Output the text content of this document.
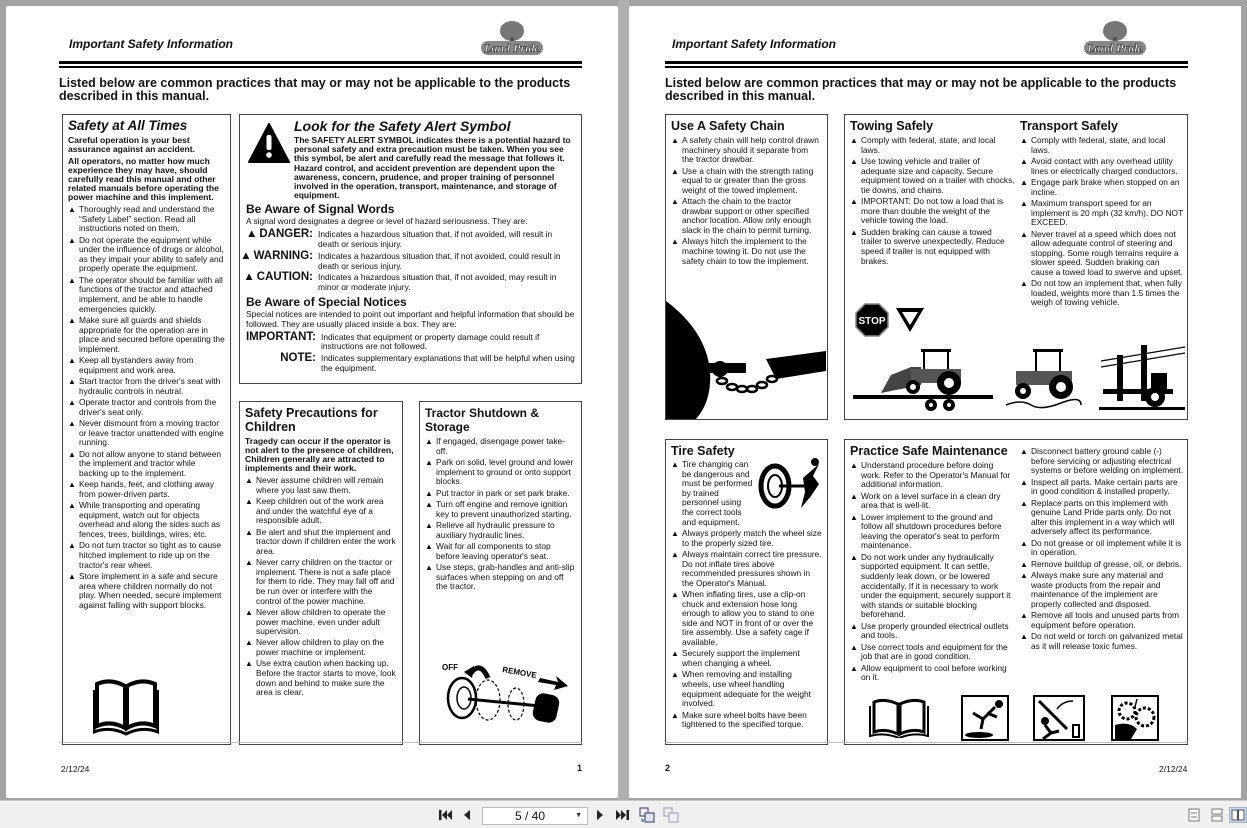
Important Safety Information	Land Pride
Listed below are common practices that may or may not be applicable to the products described in this manual.
Safety at All Times
Careful operation is your best assurance against an accident.
All operators, no matter how much experience they may have, should carefully read this manual and other related manuals before operating the power machine and this implement.
▲ Thoroughly read and understand the “Safety Label” section. Read all instructions noted on them.
▲ Do not operate the equipment while under the influence of drugs or alcohol, as they impair your ability to safely and properly operate the equipment.
▲ The operator should be familiar with all functions of the tractor and attached implement, and be able to handle emergencies quickly.
▲ Make sure all guards and shields appropriate for the operation are in place and secured before operating the implement.
▲ Keep all bystanders away from equipment and work area.
▲ Start tractor from the driver's seat with hydraulic controls in neutral.
▲ Operate tractor and controls from the driver's seat only.
▲ Never dismount from a moving tractor or leave tractor unattended with engine running.
▲ Do not allow anyone to stand between the implement and tractor while backing up to the implement.
▲ Keep hands, feet, and clothing away from power-driven parts.
▲ While transporting and operating equipment, watch out for objects overhead and along the sides such as fences, trees, buildings, wires, etc.
▲ Do not turn tractor so tight as to cause hitched implement to ride up on the tractor's rear wheel.
▲ Store implement in a safe and secure area where children normally do not play. When needed, secure implement against falling with support blocks.
Look for the Safety Alert Symbol
The SAFETY ALERT SYMBOL indicates there is a potential hazard to personal safety and extra precaution must be taken. When you see this symbol, be alert and carefully read the message that follows it. Hazard control, and accident prevention are dependent upon the awareness, concern, prudence, and proper training of personnel involved in the operation, transport, maintenance, and storage of equipment.
Be Aware of Signal Words
A signal word designates a degree or level of hazard seriousness. They are:
▲ DANGER: Indicates a hazardous situation that, if not avoided, will result in death or serious injury.
▲ WARNING: Indicates a hazardous situation that, if not avoided, could result in death or serious injury.
▲ CAUTION: Indicates a hazardous situation that, if not avoided, may result in minor or moderate injury.
Be Aware of Special Notices
Special notices are intended to point out important and helpful information that should be followed. They are usually placed inside a box. They are:
IMPORTANT: Indicates that equipment or property damage could result if instructions are not followed.
NOTE: Indicates supplementary explanations that will be helpful when using the equipment.
Safety Precautions for Children
Tragedy can occur if the operator is not alert to the presence of children, Children generally are attracted to implements and their work.
▲ Never assume children will remain where you last saw them.
▲ Keep children out of the work area and under the watchful eye of a responsible adult.
▲ Be alert and shut the implement and tractor down if children enter the work area.
▲ Never carry children on the tractor or implement. There is not a safe place for them to ride. They may fall off and be run over or interfere with the control of the power machine.
▲ Never allow children to operate the power machine, even under adult supervision.
▲ Never allow children to play on the power machine or implement.
▲ Use extra caution when backing up. Before the tractor starts to move, look down and behind to make sure the area is clear.
Tractor Shutdown & Storage
▲ If engaged, disengage power take-off.
▲ Park on solid, level ground and lower implement to ground or onto support blocks.
▲ Put tractor in park or set park brake.
▲ Turn off engine and remove ignition key to prevent unauthorized starting.
▲ Relieve all hydraulic pressure to auxiliary hydraulic lines.
▲ Wait for all components to stop before leaving operator's seat.
▲ Use steps, grab-handles and anti-slip surfaces when stepping on and off the tractor.
OFF	REMOVE
2/12/24	1
Important Safety Information	Land Pride
Listed below are common practices that may or may not be applicable to the products described in this manual.
Use A Safety Chain
▲ A safety chain will help control drawn machinery should it separate from the tractor drawbar.
▲ Use a chain with the strength rating equal to or greater than the gross weight of the towed implement.
▲ Attach the chain to the tractor drawbar support or other specified anchor location. Allow only enough slack in the chain to permit turning.
▲ Always hitch the implement to the machine towing it. Do not use the safety chain to tow the implement.
Towing Safely
▲ Comply with federal, state, and local laws.
▲ Use towing vehicle and trailer of adequate size and capacity. Secure equipment towed on a trailer with chocks, tie downs, and chains.
▲ IMPORTANT: Do not tow a load that is more than double the weight of the vehicle towing the load.
▲ Sudden braking can cause a towed trailer to swerve unexpectedly. Reduce speed if trailer is not equipped with brakes.
Transport Safely
▲ Comply with federal, state, and local laws.
▲ Avoid contact with any overhead utility lines or electrically charged conductors.
▲ Engage park brake when stopped on an incline.
▲ Maximum transport speed for an implement is 20 mph (32 km/h). DO NOT EXCEED.
▲ Never travel at a speed which does not allow adequate control of steering and stopping. Some rough terrains require a slower speed. Sudden braking can cause a towed load to swerve and upset.
▲ Do not tow an implement that, when fully loaded, weights more than 1.5 times the weigh of towing vehicle.
STOP
Tire Safety
▲ Tire changing can be dangerous and must be performed by trained personnel using the correct tools and equipment.
▲ Always properly match the wheel size to the properly sized tire.
▲ Always maintain correct tire pressure. Do not inflate tires above recommended pressures shown in the Operator's Manual.
▲ When inflating tires, use a clip-on chuck and extension hose long enough to allow you to stand to one side and NOT in front of or over the tire assembly. Use a safety cage if available.
▲ Securely support the implement when changing a wheel.
▲ When removing and installing wheels, use wheel handling equipment adequate for the weight involved.
▲ Make sure wheel bolts have been tightened to the specified torque.
Practice Safe Maintenance
▲ Understand procedure before doing work. Refer to the Operator's Manual for additional information.
▲ Work on a level surface in a clean dry area that is well-lit.
▲ Lower implement to the ground and follow all shutdown procedures before leaving the operator's seat to perform maintenance.
▲ Do not work under any hydraulically supported equipment. It can settle, suddenly leak down, or be lowered accidentally. If it is necessary to work under the equipment, securely support it with stands or suitable blocking beforehand.
▲ Use properly grounded electrical outlets and tools.
▲ Use correct tools and equipment for the job that are in good condition.
▲ Allow equipment to cool before working on it.
▲ Disconnect battery ground cable (-) before servicing or adjusting electrical systems or before welding on implement.
▲ Inspect all parts. Make certain parts are in good condition & installed properly.
▲ Replace parts on this implement with genuine Land Pride parts only. Do not alter this implement in a way which will adversely affect its performance.
▲ Do not grease or oil implement while it is in operation.
▲ Remove buildup of grease, oil, or debris.
▲ Always make sure any material and waste products from the repair and maintenance of the implement are properly collected and disposed.
▲ Remove all tools and unused parts from equipment before operation.
▲ Do not weld or torch on galvanized metal as it will release toxic fumes.
2	2/12/24
5 / 40	▼
